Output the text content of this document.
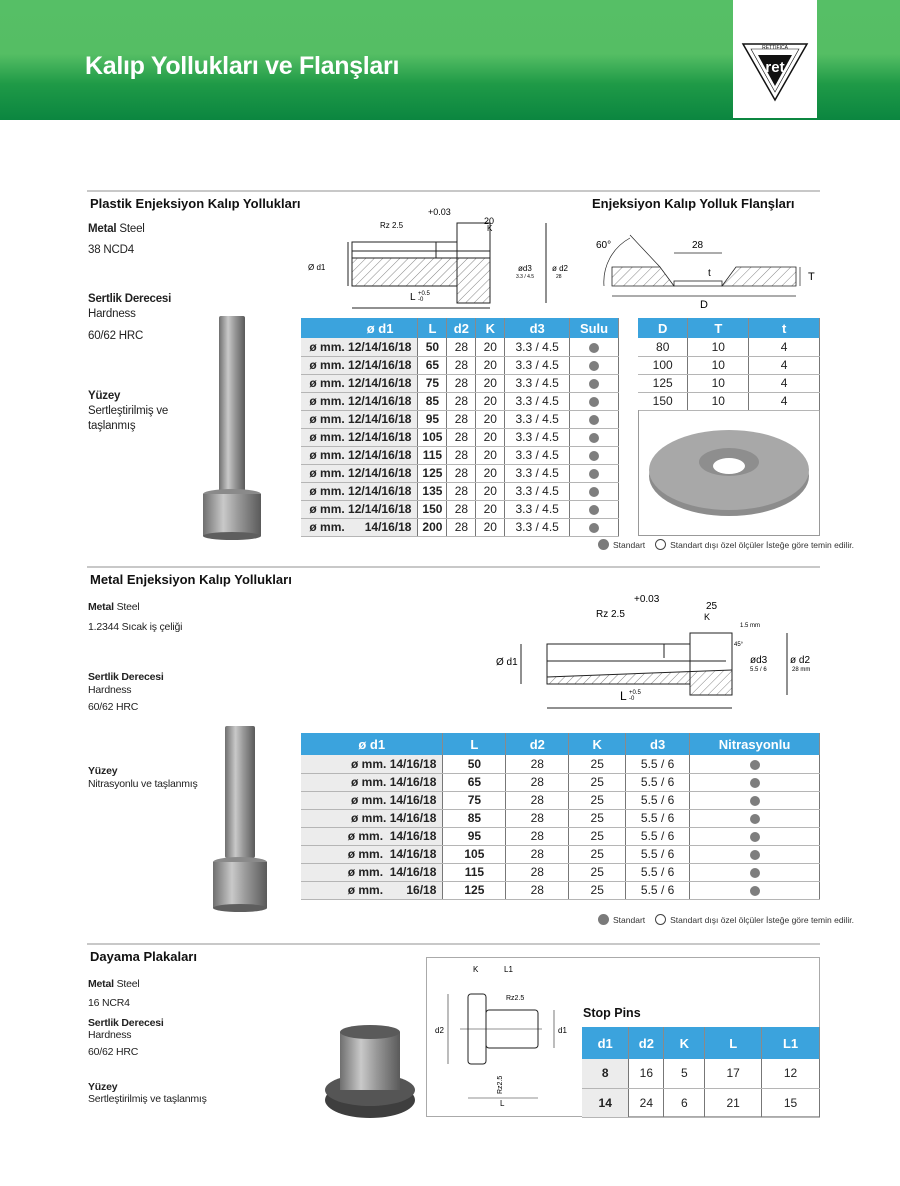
Kalıp Yollukları ve Flanşları
RETTIFICA
ret
Plastik Enjeksiyon Kalıp Yollukları	Enjeksiyon Kalıp Yolluk Flanşları
Metal Steel
38 NCD4
Sertlik Derecesi
Hardness
60/62 HRC
Yüzey
Sertleştirilmiş ve
taşlanmış
+0.03
Rz 2.5	20
K
Ø d1	ød3
3.3 / 4.5
ø d2
28
L +0.5
-0
ø d1	L	d2	K	d3	Sulu
ø mm. 12/14/16/18	50	28	20	3.3 / 4.5	
ø mm. 12/14/16/18	65	28	20	3.3 / 4.5	
ø mm. 12/14/16/18	75	28	20	3.3 / 4.5	
ø mm. 12/14/16/18	85	28	20	3.3 / 4.5	
ø mm. 12/14/16/18	95	28	20	3.3 / 4.5	
ø mm. 12/14/16/18	105	28	20	3.3 / 4.5	
ø mm. 12/14/16/18	115	28	20	3.3 / 4.5	
ø mm. 12/14/16/18	125	28	20	3.3 / 4.5	
ø mm. 12/14/16/18	135	28	20	3.3 / 4.5	
ø mm. 12/14/16/18	150	28	20	3.3 / 4.5	
ø mm.      14/16/18	200	28	20	3.3 / 4.5	
60°	28
t	T
D
D	T	t
80	10	4
100	10	4
125	10	4
150	10	4
Standart	Standart dışı özel ölçüler İsteğe göre temin edilir.
Metal Enjeksiyon Kalıp Yollukları
Metal Steel
1.2344 Sıcak iş çeliği
Sertlik Derecesi
Hardness
60/62 HRC
Yüzey
Nitrasyonlu ve taşlanmış
+0.03
Rz 2.5
25
K
1.5 mm
45°
Ø d1	ød3
5.5 / 6
ø d2
28 mm
L +0.5
-0
ø d1	L	d2	K	d3	Nitrasyonlu
ø mm. 14/16/18	50	28	25	5.5 / 6	
ø mm. 14/16/18	65	28	25	5.5 / 6	
ø mm. 14/16/18	75	28	25	5.5 / 6	
ø mm. 14/16/18	85	28	25	5.5 / 6	
ø mm.  14/16/18	95	28	25	5.5 / 6	
ø mm.  14/16/18	105	28	25	5.5 / 6	
ø mm.  14/16/18	115	28	25	5.5 / 6	
ø mm.       16/18	125	28	25	5.5 / 6	
Standart	Standart dışı özel ölçüler İsteğe göre temin edilir.
Dayama Plakaları
Metal Steel
16 NCR4
Sertlik Derecesi
Hardness
60/62 HRC
Yüzey
Sertleştirilmiş ve taşlanmış
K	L1
Rz2.5
d2	d1
Rz2.5
L
Stop Pins
d1	d2	K	L	L1
8	16	5	17	12
14	24	6	21	15
